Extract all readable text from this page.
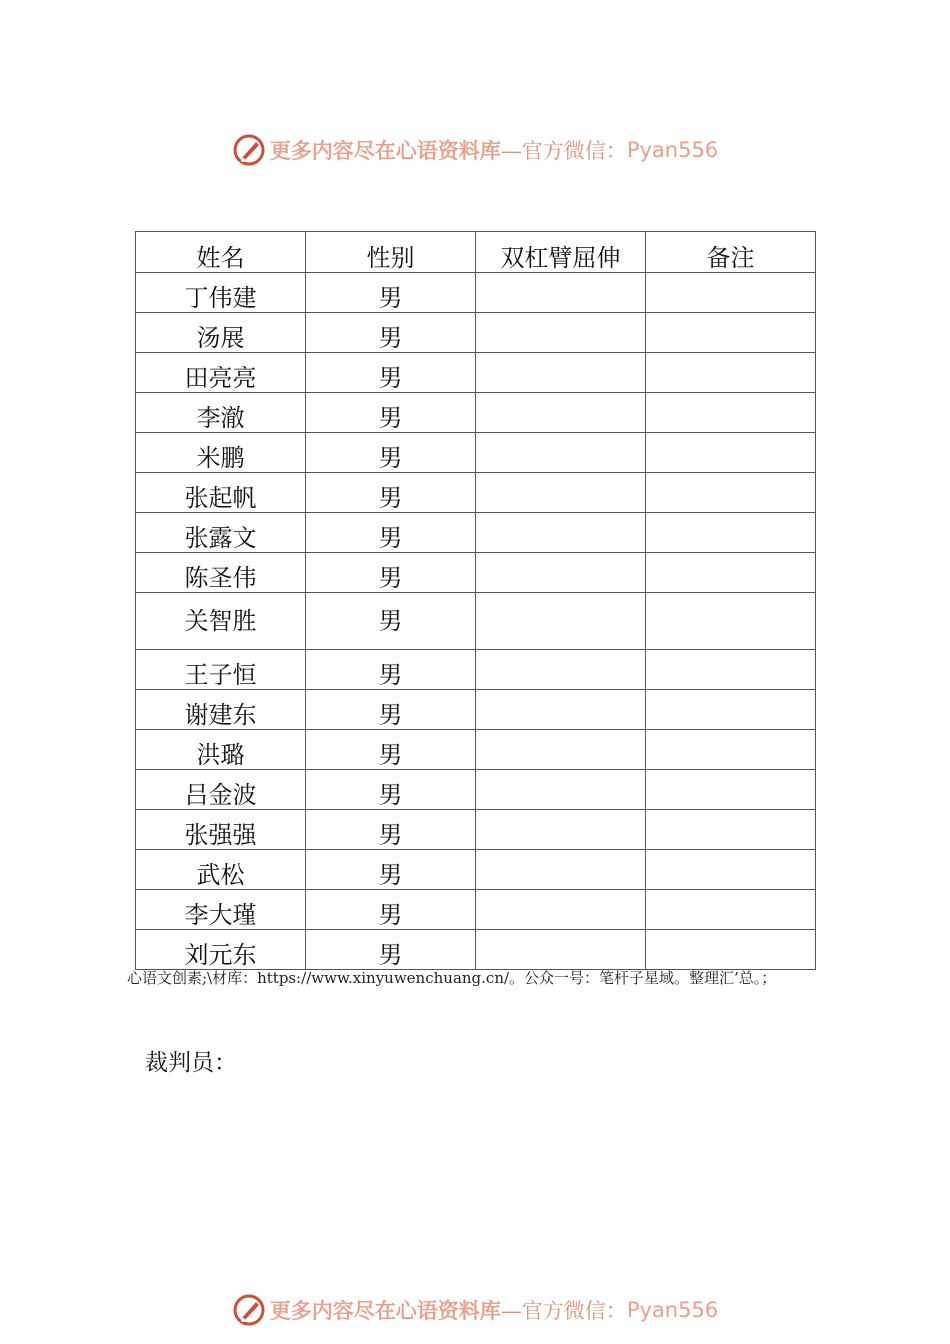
更多内容尽在心语资料库 —官方微信： Pyan556
姓名	性别	双杠臂屈伸	备注
丁伟建	男		
汤展	男		
田亮亮	男		
李澈	男		
米鹏	男		
张起帆	男		
张露文	男		
陈圣伟	男		
关智胜	男		
王子恒	男		
谢建东	男		
洪璐	男		
吕金波	男		
张强强	男		
武松	男		
李大瑾	男		
刘元东	男		
心语文创素;\材库：https://www.xinyuwenchuang.cn/。公众一号：笔杆子星域。整理汇’总。；
裁判员：
更多内容尽在心语资料库 —官方微信： Pyan556
